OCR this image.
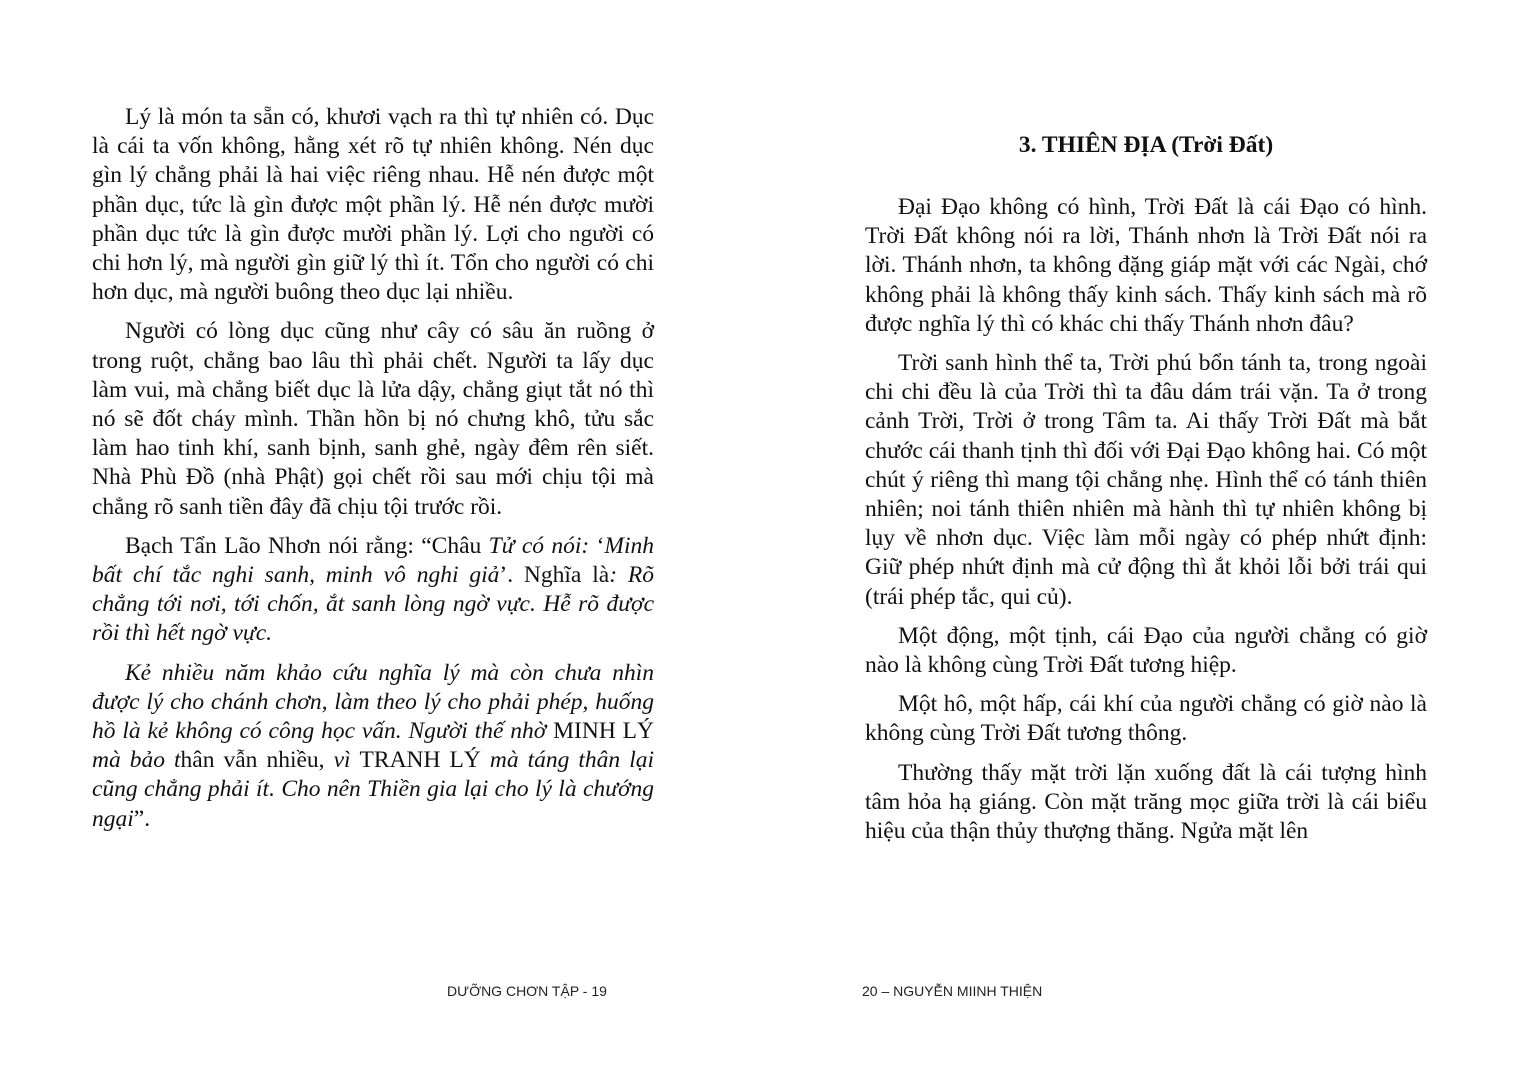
Lý là món ta sẵn có, khươi vạch ra thì tự nhiên có. Dục là cái ta vốn không, hằng xét rõ tự nhiên không. Nén dục gìn lý chẳng phải là hai việc riêng nhau. Hễ nén được một phần dục, tức là gìn được một phần lý. Hễ nén được mười phần dục tức là gìn được mười phần lý. Lợi cho người có chi hơn lý, mà người gìn giữ lý thì ít. Tổn cho người có chi hơn dục, mà người buông theo dục lại nhiều.

Người có lòng dục cũng như cây có sâu ăn ruồng ở trong ruột, chẳng bao lâu thì phải chết. Người ta lấy dục làm vui, mà chẳng biết dục là lửa dậy, chẳng giụt tắt nó thì nó sẽ đốt cháy mình. Thần hồn bị nó chưng khô, tửu sắc làm hao tinh khí, sanh bịnh, sanh ghẻ, ngày đêm rên siết. Nhà Phù Đồ (nhà Phật) gọi chết rồi sau mới chịu tội mà chẳng rõ sanh tiền đây đã chịu tội trước rồi.

Bạch Tẩn Lão Nhơn nói rằng: “Châu Tử có nói: ‘Minh bất chí tắc nghi sanh, minh vô nghi giả’. Nghĩa là: Rõ chẳng tới nơi, tới chốn, ắt sanh lòng ngờ vực. Hễ rõ được rồi thì hết ngờ vực.

Kẻ nhiều năm khảo cứu nghĩa lý mà còn chưa nhìn được lý cho chánh chơn, làm theo lý cho phải phép, huống hồ là kẻ không có công học vấn. Người thế nhờ MINH LÝ mà bảo thân vẫn nhiều, vì TRANH LÝ mà táng thân lại cũng chẳng phải ít. Cho nên Thiền gia lại cho lý là chướng ngại”.

DƯỠNG CHƠN TẬP - 19
3. THIÊN ĐỊA (Trời Đất)

Đại Đạo không có hình, Trời Đất là cái Đạo có hình. Trời Đất không nói ra lời, Thánh nhơn là Trời Đất nói ra lời. Thánh nhơn, ta không đặng giáp mặt với các Ngài, chớ không phải là không thấy kinh sách. Thấy kinh sách mà rõ được nghĩa lý thì có khác chi thấy Thánh nhơn đâu?

Trời sanh hình thể ta, Trời phú bổn tánh ta, trong ngoài chi chi đều là của Trời thì ta đâu dám trái vặn. Ta ở trong cảnh Trời, Trời ở trong Tâm ta. Ai thấy Trời Đất mà bắt chước cái thanh tịnh thì đối với Đại Đạo không hai. Có một chút ý riêng thì mang tội chẳng nhẹ. Hình thể có tánh thiên nhiên; noi tánh thiên nhiên mà hành thì tự nhiên không bị lụy về nhơn dục. Việc làm mỗi ngày có phép nhứt định: Giữ phép nhứt định mà cử động thì ắt khỏi lỗi bởi trái qui (trái phép tắc, qui củ).

Một động, một tịnh, cái Đạo của người chẳng có giờ nào là không cùng Trời Đất tương hiệp.

Một hô, một hấp, cái khí của người chẳng có giờ nào là không cùng Trời Đất tương thông.

Thường thấy mặt trời lặn xuống đất là cái tượng hình tâm hỏa hạ giáng. Còn mặt trăng mọc giữa trời là cái biểu hiệu của thận thủy thượng thăng. Ngửa mặt lên

20 – NGUYỄN MIINH THIỆN
